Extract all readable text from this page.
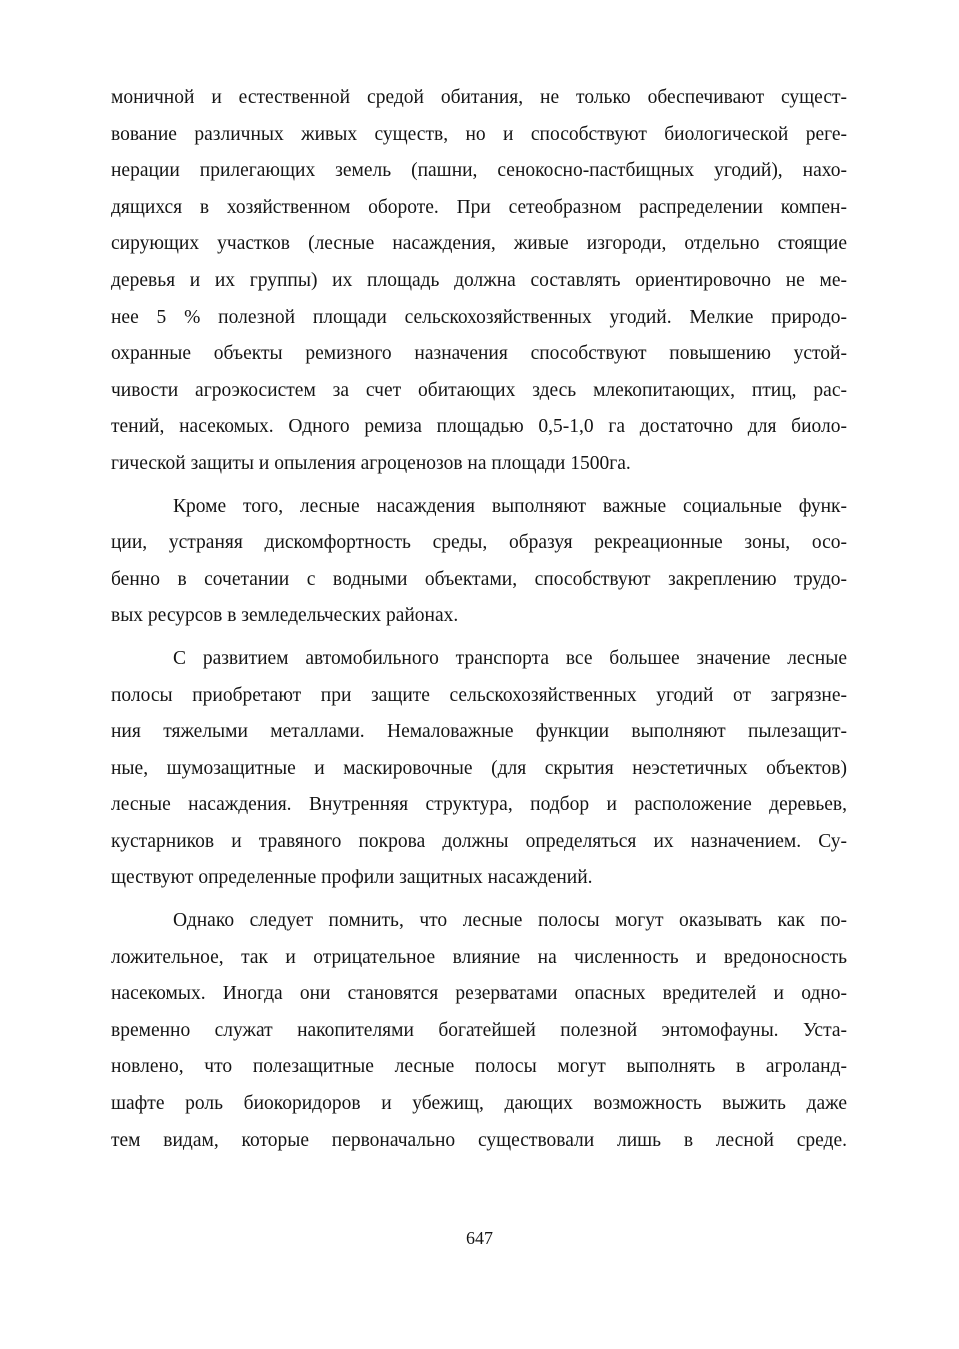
моничной и естественной средой обитания, не только обеспечивают сущест-
вование различных живых существ, но и способствуют биологической реге-
нерации прилегающих земель (пашни, сенокосно-пастбищных угодий), нахо-
дящихся в хозяйственном обороте. При сетеобразном распределении компен-
сирующих участков (лесные насаждения, живые изгороди, отдельно стоящие
деревья и их группы) их площадь должна составлять ориентировочно не ме-
нее 5 % полезной площади сельскохозяйственных угодий. Мелкие природо-
охранные объекты ремизного назначения способствуют повышению устой-
чивости агроэкосистем за счет обитающих здесь млекопитающих, птиц, рас-
тений, насекомых. Одного ремиза площадью 0,5-1,0 га достаточно для биоло-
гической защиты и опыления агроценозов на площади 1500га.
Кроме того, лесные насаждения выполняют важные социальные функ-
ции, устраняя дискомфортность среды, образуя рекреационные зоны, осо-
бенно в сочетании с водными объектами, способствуют закреплению трудо-
вых ресурсов в земледельческих районах.
С развитием автомобильного транспорта все большее значение лесные
полосы приобретают при защите сельскохозяйственных угодий от загрязне-
ния тяжелыми металлами. Немаловажные функции выполняют пылезащит-
ные, шумозащитные и маскировочные (для скрытия неэстетичных объектов)
лесные насаждения. Внутренняя структура, подбор и расположение деревьев,
кустарников и травяного покрова должны определяться их назначением. Су-
ществуют определенные профили защитных насаждений.
Однако следует помнить, что лесные полосы могут оказывать как по-
ложительное, так и отрицательное влияние на численность и вредоносность
насекомых. Иногда они становятся резерватами опасных вредителей и одно-
временно служат накопителями богатейшей полезной энтомофауны. Уста-
новлено, что полезащитные лесные полосы могут выполнять в агроланд-
шафте роль биокоридоров и убежищ, дающих возможность выжить даже
тем видам, которые первоначально существовали лишь в лесной среде.
647
